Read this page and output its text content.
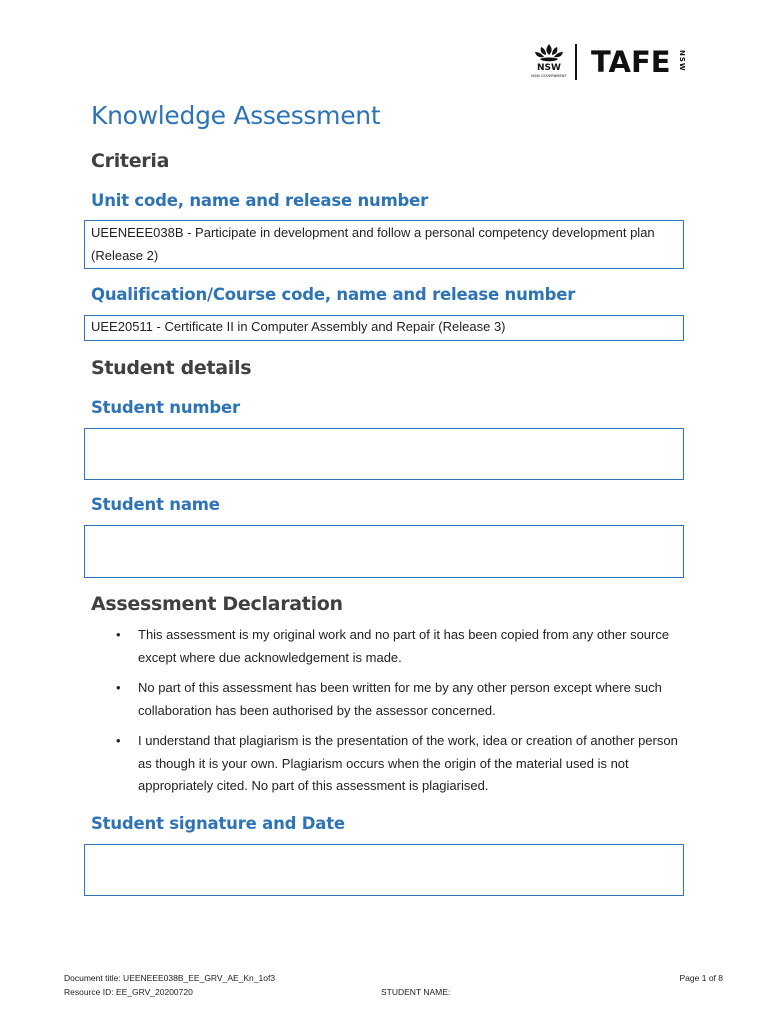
NSW
NSW GOVERNMENT TAFE NSW
Knowledge Assessment
Criteria
Unit code, name and release number
UEENEEE038B - Participate in development and follow a personal competency development plan (Release 2)
Qualification/Course code, name and release number
UEE20511 - Certificate II in Computer Assembly and Repair (Release 3)
Student details
Student number
Student name
Assessment Declaration
• This assessment is my original work and no part of it has been copied from any other source except where due acknowledgement is made.
• No part of this assessment has been written for me by any other person except where such collaboration has been authorised by the assessor concerned.
• I understand that plagiarism is the presentation of the work, idea or creation of another person as though it is your own. Plagiarism occurs when the origin of the material used is not appropriately cited. No part of this assessment is plagiarised.
Student signature and Date
Document title: UEENEEE038B_EE_GRV_AE_Kn_1of3
Resource ID: EE_GRV_20200720	STUDENT NAME:
Page 1 of 8
